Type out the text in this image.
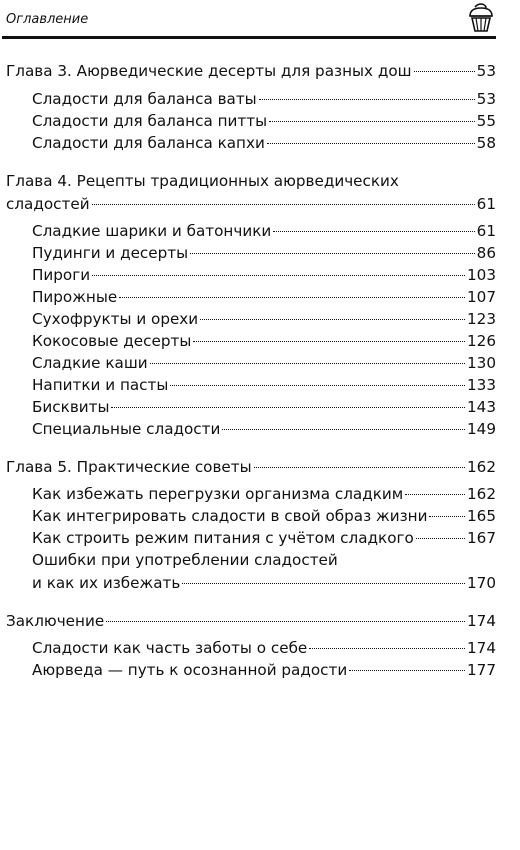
Оглавление
Глава 3. Аюрведические десерты для разных дош	53
Сладости для баланса ваты	53
Сладости для баланса питты	55
Сладости для баланса капхи	58
Глава 4. Рецепты традиционных аюрведических
сладостей	61
Сладкие шарики и батончики	61
Пудинги и десерты	86
Пироги	103
Пирожные	107
Сухофрукты и орехи	123
Кокосовые десерты	126
Сладкие каши	130
Напитки и пасты	133
Бисквиты	143
Специальные сладости	149
Глава 5. Практические советы	162
Как избежать перегрузки организма сладким	162
Как интегрировать сладости в свой образ жизни	165
Как строить режим питания с учётом сладкого	167
Ошибки при употреблении сладостей
и как их избежать	170
Заключение	174
Сладости как часть заботы о себе	174
Аюрведа — путь к осознанной радости	177
